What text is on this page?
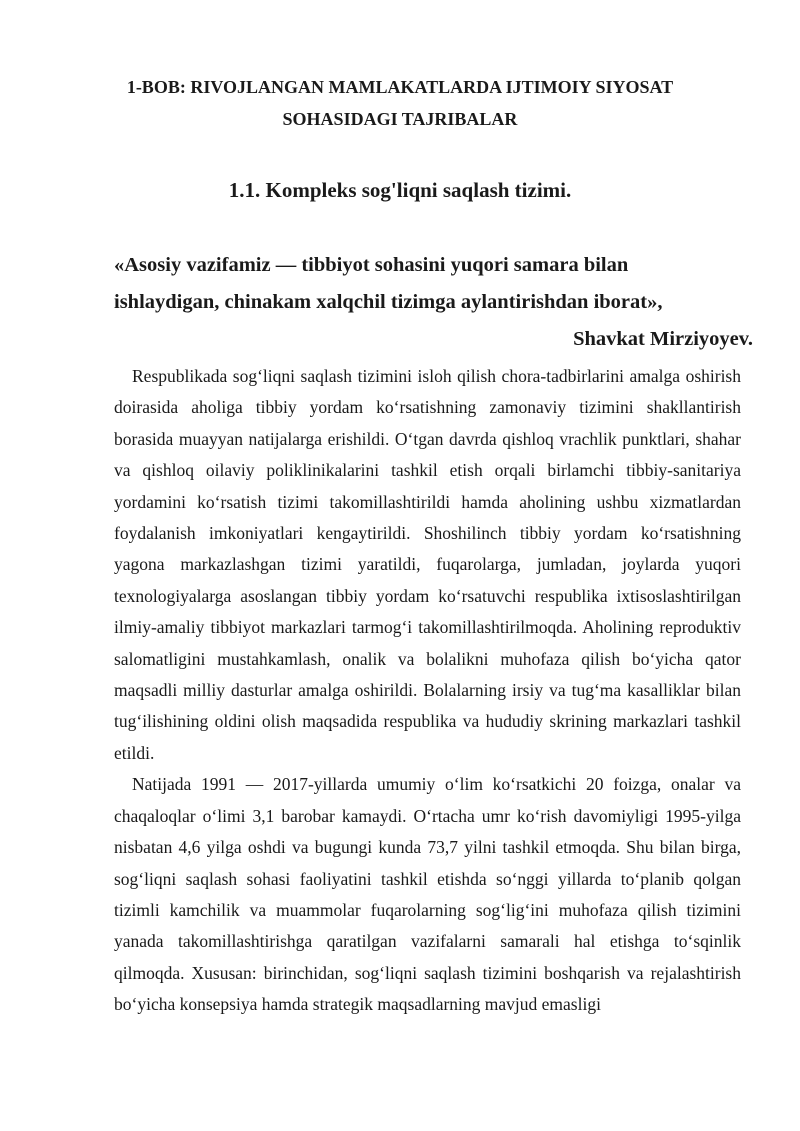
1-BOB: RIVOJLANGAN MAMLAKATLARDA IJTIMOIY SIYOSAT
SOHASIDAGI TAJRIBALAR
1.1. Kompleks sog'liqni saqlash tizimi.
«Asosiy vazifamiz — tibbiyot sohasini yuqori samara bilan ishlaydigan, chinakam xalqchil tizimga aylantirishdan iborat»,
Shavkat Mirziyoyev.

Respublikada sog‘liqni saqlash tizimini isloh qilish chora-tadbirlarini amalga oshirish doirasida aholiga tibbiy yordam ko‘rsatishning zamonaviy tizimini shakllantirish borasida muayyan natijalarga erishildi. O‘tgan davrda qishloq vrachlik punktlari, shahar va qishloq oilaviy poliklinikalarini tashkil etish orqali birlamchi tibbiy-sanitariya yordamini ko‘rsatish tizimi takomillashtirildi hamda aholining ushbu xizmatlardan foydalanish imkoniyatlari kengaytirildi. Shoshilinch tibbiy yordam ko‘rsatishning yagona markazlashgan tizimi yaratildi, fuqarolarga, jumladan, joylarda yuqori texnologiyalarga asoslangan tibbiy yordam ko‘rsatuvchi respublika ixtisoslashtirilgan ilmiy-amaliy tibbiyot markazlari tarmog‘i takomillashtirilmoqda. Aholining reproduktiv salomatligini mustahkamlash, onalik va bolalikni muhofaza qilish bo‘yicha qator maqsadli milliy dasturlar amalga oshirildi. Bolalarning irsiy va tug‘ma kasalliklar bilan tug‘ilishining oldini olish maqsadida respublika va hududiy skrining markazlari tashkil etildi.

Natijada 1991 — 2017-yillarda umumiy o‘lim ko‘rsatkichi 20 foizga, onalar va chaqaloqlar o‘limi 3,1 barobar kamaydi. O‘rtacha umr ko‘rish davomiyligi 1995-yilga nisbatan 4,6 yilga oshdi va bugungi kunda 73,7 yilni tashkil etmoqda. Shu bilan birga, sog‘liqni saqlash sohasi faoliyatini tashkil etishda so‘nggi yillarda to‘planib qolgan tizimli kamchilik va muammolar fuqarolarning sog‘lig‘ini muhofaza qilish tizimini yanada takomillashtirishga qaratilgan vazifalarni samarali hal etishga to‘sqinlik qilmoqda. Xususan: birinchidan, sog‘liqni saqlash tizimini boshqarish va rejalashtirish bo‘yicha konsepsiya hamda strategik maqsadlarning mavjud emasligi
